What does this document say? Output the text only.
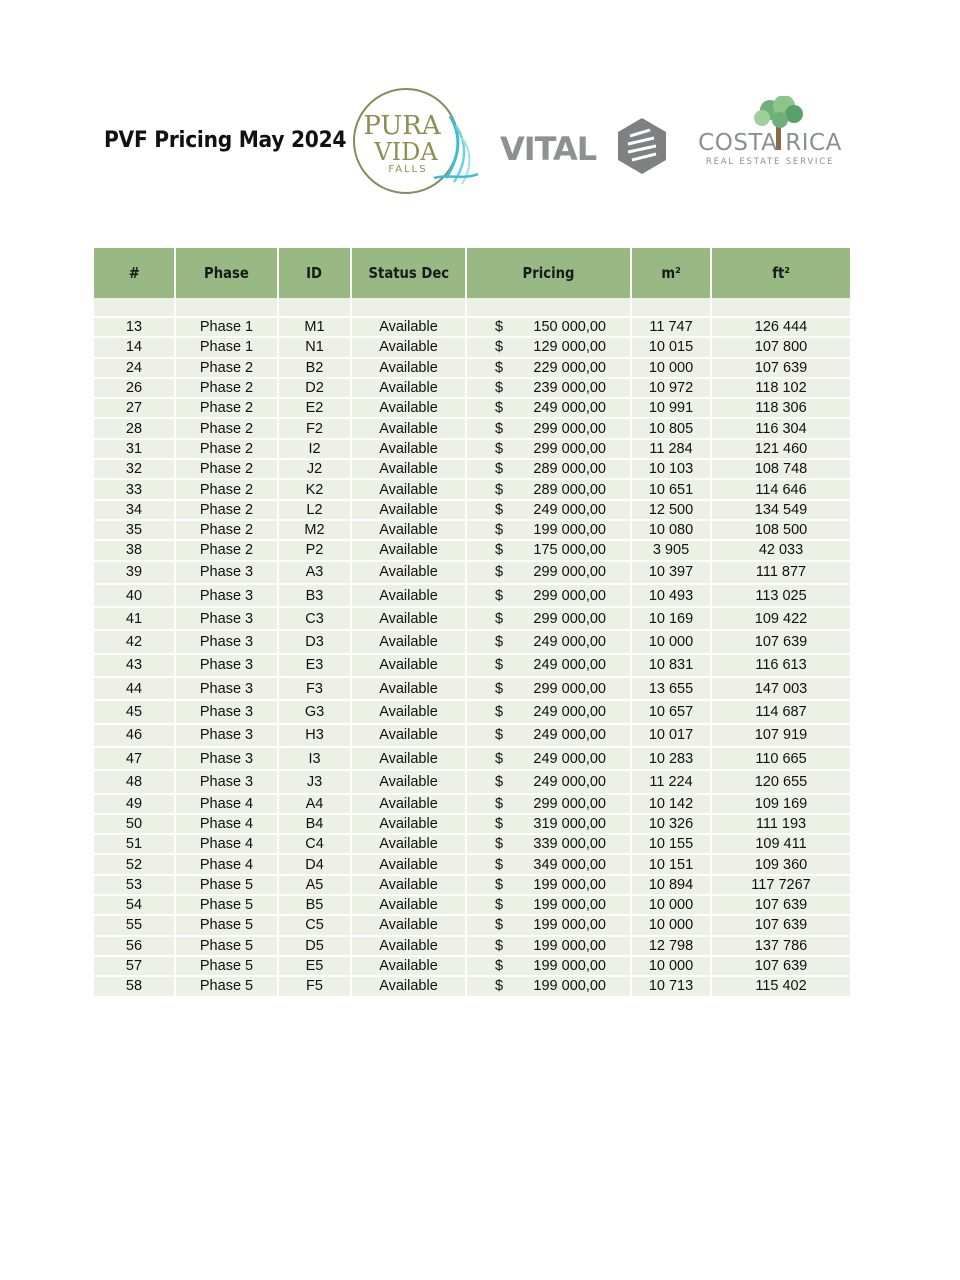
PVF Pricing May 2024 PURA
VIDA
FALLS
VITAL	COSTA RICA
REAL ESTATE SERVICE
#	Phase	ID	Status Dec	Pricing	m²	ft²

13	Phase 1	M1	Available	$ 150 000,00	11 747	126 444
14	Phase 1	N1	Available	$ 129 000,00	10 015	107 800
24	Phase 2	B2	Available	$ 229 000,00	10 000	107 639
26	Phase 2	D2	Available	$ 239 000,00	10 972	118 102
27	Phase 2	E2	Available	$ 249 000,00	10 991	118 306
28	Phase 2	F2	Available	$ 299 000,00	10 805	116 304
31	Phase 2	I2	Available	$ 299 000,00	11 284	121 460
32	Phase 2	J2	Available	$ 289 000,00	10 103	108 748
33	Phase 2	K2	Available	$ 289 000,00	10 651	114 646
34	Phase 2	L2	Available	$ 249 000,00	12 500	134 549
35	Phase 2	M2	Available	$ 199 000,00	10 080	108 500
38	Phase 2	P2	Available	$ 175 000,00	3 905	42 033
39	Phase 3	A3	Available	$ 299 000,00	10 397	111 877
40	Phase 3	B3	Available	$ 299 000,00	10 493	113 025
41	Phase 3	C3	Available	$ 299 000,00	10 169	109 422
42	Phase 3	D3	Available	$ 249 000,00	10 000	107 639
43	Phase 3	E3	Available	$ 249 000,00	10 831	116 613
44	Phase 3	F3	Available	$ 299 000,00	13 655	147 003
45	Phase 3	G3	Available	$ 249 000,00	10 657	114 687
46	Phase 3	H3	Available	$ 249 000,00	10 017	107 919
47	Phase 3	I3	Available	$ 249 000,00	10 283	110 665
48	Phase 3	J3	Available	$ 249 000,00	11 224	120 655
49	Phase 4	A4	Available	$ 299 000,00	10 142	109 169
50	Phase 4	B4	Available	$ 319 000,00	10 326	111 193
51	Phase 4	C4	Available	$ 339 000,00	10 155	109 411
52	Phase 4	D4	Available	$ 349 000,00	10 151	109 360
53	Phase 5	A5	Available	$ 199 000,00	10 894	117 7267
54	Phase 5	B5	Available	$ 199 000,00	10 000	107 639
55	Phase 5	C5	Available	$ 199 000,00	10 000	107 639
56	Phase 5	D5	Available	$ 199 000,00	12 798	137 786
57	Phase 5	E5	Available	$ 199 000,00	10 000	107 639
58	Phase 5	F5	Available	$ 199 000,00	10 713	115 402
